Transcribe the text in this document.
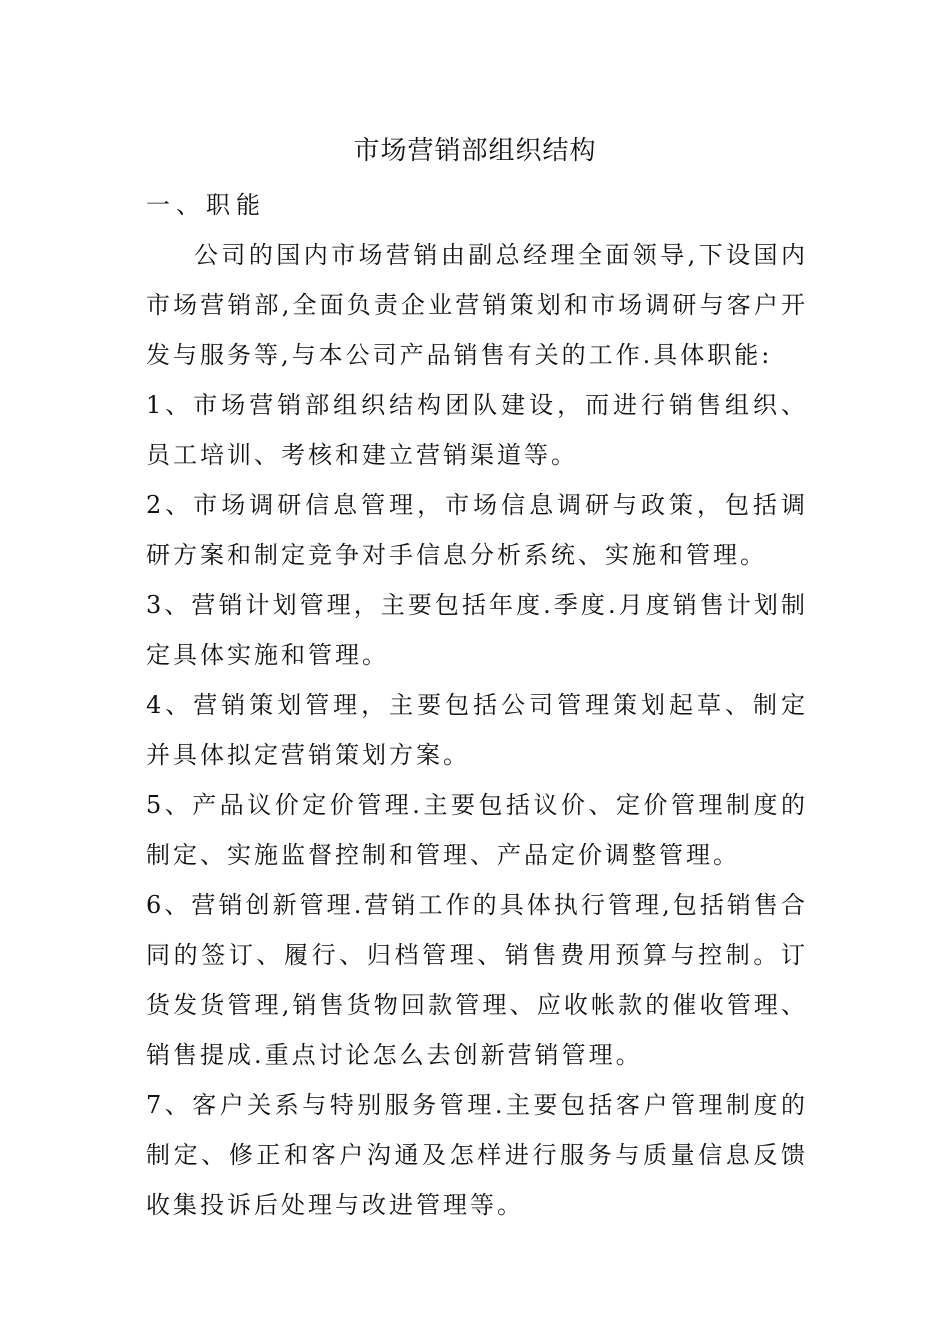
市场营销部组织结构

一、职能

公司的国内市场营销由副总经理全面领导,下设国内市场营销部,全面负责企业营销策划和市场调研与客户开发与服务等,与本公司产品销售有关的工作.具体职能:

1、市场营销部组织结构团队建设，而进行销售组织、员工培训、考核和建立营销渠道等。

2、市场调研信息管理，市场信息调研与政策，包括调研方案和制定竞争对手信息分析系统、实施和管理。

3、营销计划管理，主要包括年度.季度.月度销售计划制定具体实施和管理。

4、营销策划管理，主要包括公司管理策划起草、制定并具体拟定营销策划方案。

5、产品议价定价管理.主要包括议价、定价管理制度的制定、实施监督控制和管理、产品定价调整管理。

6、营销创新管理.营销工作的具体执行管理,包括销售合同的签订、履行、归档管理、销售费用预算与控制。订货发货管理,销售货物回款管理、应收帐款的催收管理、销售提成.重点讨论怎么去创新营销管理。

7、客户关系与特别服务管理.主要包括客户管理制度的制定、修正和客户沟通及怎样进行服务与质量信息反馈收集投诉后处理与改进管理等。
